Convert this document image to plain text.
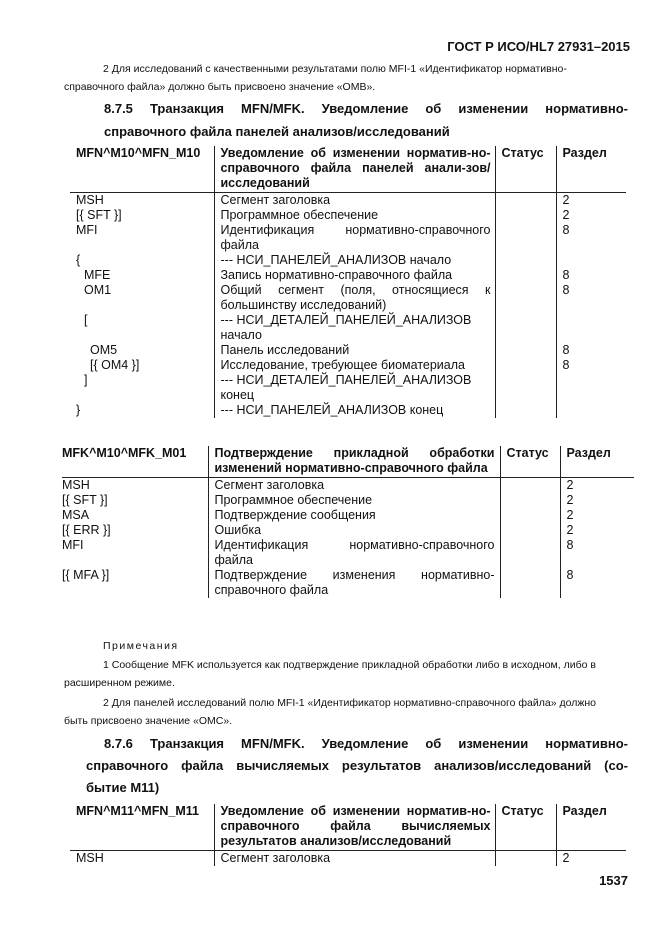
ГОСТ Р ИСО/HL7 27931–2015
2 Для исследований с качественными результатами полю MFI-1 «Идентификатор нормативно-
справочного файла» должно быть присвоено значение «OMB».
8.7.5 Транзакция MFN/MFK. Уведомление об изменении нормативно-
справочного файла панелей анализов/исследований
MFN^M10^MFN_M10	Уведомление об изменении норматив-но-справочного файла панелей анали-зов/исследований	Статус	Раздел
MSH	Сегмент заголовка		2
[{ SFT }]	Программное обеспечение		2
MFI	Идентификация нормативно-справочного файла		8
{	--- НСИ_ПАНЕЛЕЙ_АНАЛИЗОВ начало		
MFE	Запись нормативно-справочного файла		8
OM1	Общий сегмент (поля, относящиеся к большинству исследований)		8
[	--- НСИ_ДЕТАЛЕЙ_ПАНЕЛЕЙ_АНАЛИЗОВ начало		

OM5	Панель исследований		8
[{ OM4 }]	Исследование, требующее биоматериала		8
]	--- НСИ_ДЕТАЛЕЙ_ПАНЕЛЕЙ_АНАЛИЗОВ конец		

}	--- НСИ_ПАНЕЛЕЙ_АНАЛИЗОВ конец		
MFK^M10^MFK_M01	Подтверждение прикладной обработки изменений нормативно-справочного файла	Статус	Раздел
MSH	Сегмент заголовка		2
[{ SFT }]	Программное обеспечение		2
MSA	Подтверждение сообщения		2
[{ ERR }]	Ошибка		2
MFI	Идентификация нормативно-справочного файла		8
[{ MFA }]	Подтверждение изменения нормативно-справочного файла		8
Примечания
1 Сообщение MFK используется как подтверждение прикладной обработки либо в исходном, либо в
расширенном режиме.
2 Для панелей исследований полю MFI-1 «Идентификатор нормативно-справочного файла» должно
быть присвоено значение «OMC».
8.7.6 Транзакция MFN/MFK. Уведомление об изменении нормативно-
справочного файла вычисляемых результатов анализов/исследований (со-
бытие M11)
MFN^M11^MFN_M11	Уведомление об изменении норматив-но-справочного файла вычисляемых результатов анализов/исследований	Статус	Раздел
MSH	Сегмент заголовка		2
1537
